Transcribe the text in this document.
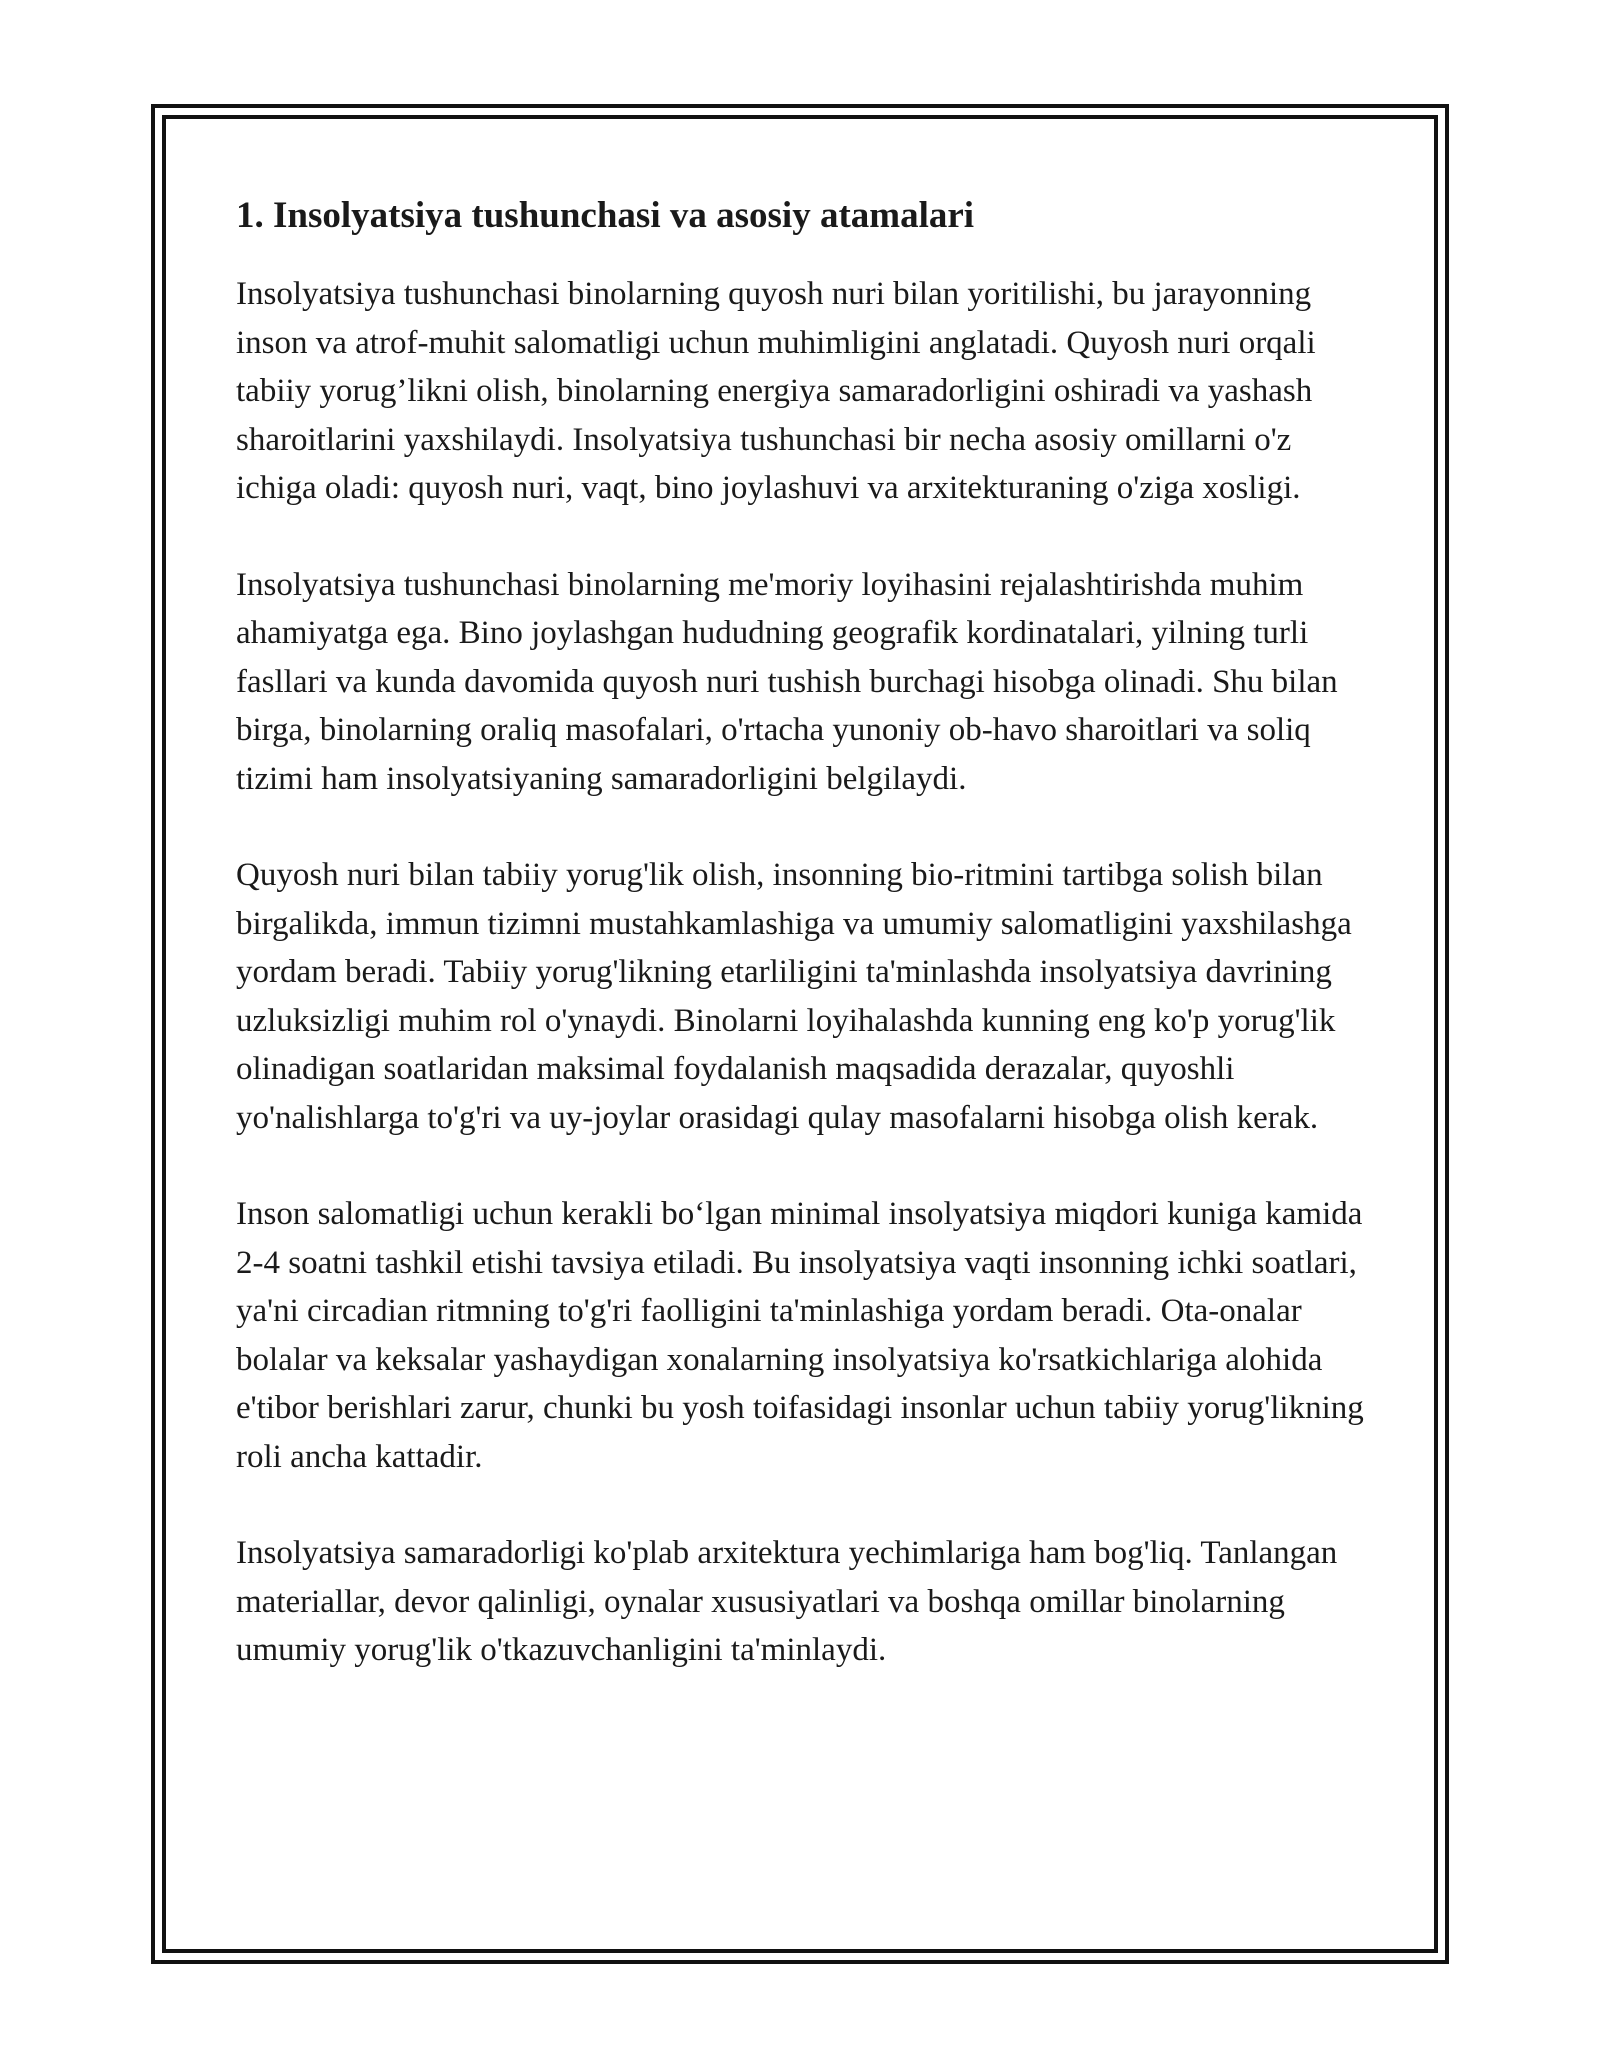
1. Insolyatsiya tushunchasi va asosiy atamalari

Insolyatsiya tushunchasi binolarning quyosh nuri bilan yoritilishi, bu jarayonning inson va atrof-muhit salomatligi uchun muhimligini anglatadi. Quyosh nuri orqali tabiiy yorug’likni olish, binolarning energiya samaradorligini oshiradi va yashash sharoitlarini yaxshilaydi. Insolyatsiya tushunchasi bir necha asosiy omillarni o'z ichiga oladi: quyosh nuri, vaqt, bino joylashuvi va arxitekturaning o'ziga xosligi.

Insolyatsiya tushunchasi binolarning me'moriy loyihasini rejalashtirishda muhim ahamiyatga ega. Bino joylashgan hududning geografik kordinatalari, yilning turli fasllari va kunda davomida quyosh nuri tushish burchagi hisobga olinadi. Shu bilan birga, binolarning oraliq masofalari, o'rtacha yunoniy ob-havo sharoitlari va soliq tizimi ham insolyatsiyaning samaradorligini belgilaydi.

Quyosh nuri bilan tabiiy yorug'lik olish, insonning bio-ritmini tartibga solish bilan birgalikda, immun tizimni mustahkamlashiga va umumiy salomatligini yaxshilashga yordam beradi. Tabiiy yorug'likning etarliligini ta'minlashda insolyatsiya davrining uzluksizligi muhim rol o'ynaydi. Binolarni loyihalashda kunning eng ko'p yorug'lik olinadigan soatlaridan maksimal foydalanish maqsadida derazalar, quyoshli yo'nalishlarga to'g'ri va uy-joylar orasidagi qulay masofalarni hisobga olish kerak.

Inson salomatligi uchun kerakli bo‘lgan minimal insolyatsiya miqdori kuniga kamida 2-4 soatni tashkil etishi tavsiya etiladi. Bu insolyatsiya vaqti insonning ichki soatlari, ya'ni circadian ritmning to'g'ri faolligini ta'minlashiga yordam beradi. Ota-onalar bolalar va keksalar yashaydigan xonalarning insolyatsiya ko'rsatkichlariga alohida e'tibor berishlari zarur, chunki bu yosh toifasidagi insonlar uchun tabiiy yorug'likning roli ancha kattadir.

Insolyatsiya samaradorligi ko'plab arxitektura yechimlariga ham bog'liq. Tanlangan materiallar, devor qalinligi, oynalar xususiyatlari va boshqa omillar binolarning umumiy yorug'lik o'tkazuvchanligini ta'minlaydi.
